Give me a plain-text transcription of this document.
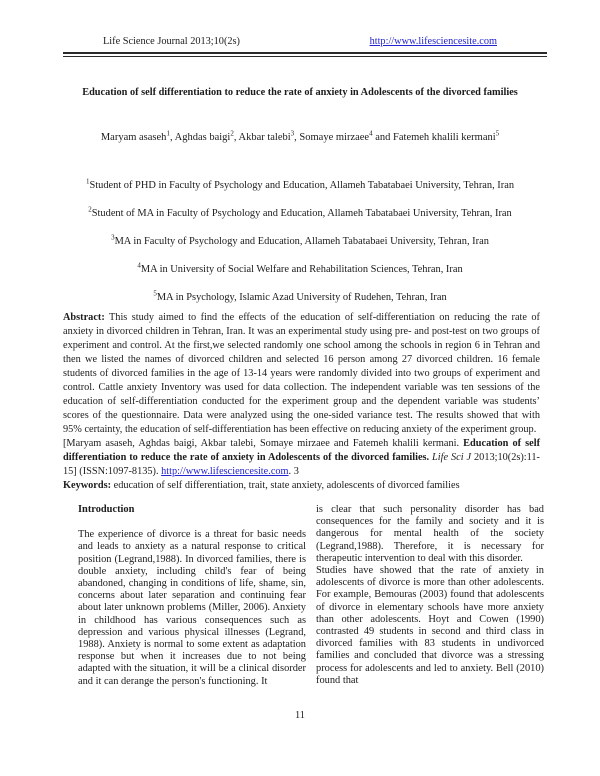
Life Science Journal 2013;10(2s)	http://www.lifesciencesite.com
Education of self differentiation to reduce the rate of anxiety in Adolescents of the divorced families

Maryam asaseh$^1$, Aghdas baigi$^2$, Akbar talebi$^3$, Somaye mirzaee$^4$ and Fatemeh khalili kermani$^5$

$^1$Student of PHD in Faculty of Psychology and Education, Allameh Tabatabaei University, Tehran, Iran

$^2$Student of MA in Faculty of Psychology and Education, Allameh Tabatabaei University, Tehran, Iran

$^3$MA in Faculty of Psychology and Education, Allameh Tabatabaei University, Tehran, Iran

$^4$MA in University of Social Welfare and Rehabilitation Sciences, Tehran, Iran

$^5$MA in Psychology, Islamic Azad University of Rudehen, Tehran, Iran

Abstract: This study aimed to find the effects of the education of self-differentiation on reducing the rate of anxiety in divorced children in Tehran, Iran. It was an experimental study using pre- and post-test on two groups of experiment and control. At the first,we selected randomly one school among the schools in region 6 in Tehran and then we listed the names of divorced children and selected 16 person among 27 divorced children. 16 female students of divorced families in the age of 13-14 years were randomly divided into two groups of experiment and control. Cattle anxiety Inventory was used for data collection. The independent variable was ten sessions of the education of self-differentiation conducted for the experiment group and the dependent variable was students’ scores of the questionnaire. Data were analyzed using the one-sided variance test. The results showed that with 95% certainty, the education of self-differentiation has been effective on reducing anxiety of the experiment group.

[Maryam asaseh, Aghdas baigi, Akbar talebi, Somaye mirzaee and Fatemeh khalili kermani. Education of self differentiation to reduce the rate of anxiety in Adolescents of the divorced families. Life Sci J 2013;10(2s):11-15] (ISSN:1097-8135). http://www.lifesciencesite.com. 3

Keywords: education of self differentiation, trait, state anxiety, adolescents of divorced families

Introduction

The experience of divorce is a threat for basic needs and leads to anxiety as a natural response to critical position (Legrand,1988). In divorced families, there is double anxiety, including child's fear of being abandoned, changing in conditions of life, shame, sin, concerns about later separation and continuing fear about later unknown problems (Miller, 2006). Anxiety in childhood has various consequences such as depression and various physical illnesses (Legrand, 1988). Anxiety is normal to some extent as adaptation response but when it increases due to not being adapted with the situation, it will be a clinical disorder and it can derange the person's functioning. It

is clear that such personality disorder has bad consequences for the family and society and it is dangerous for mental health of the society (Legrand,1988). Therefore, it is necessary for therapeutic intervention to deal with this disorder.

Studies have showed that the rate of anxiety in adolescents of divorce is more than other adolescents. For example, Bemouras (2003) found that adolescents of divorce in elementary schools have more anxiety than other adolescents. Hoyt and Cowen (1990) contrasted 49 students in second and third class in divorced families with 83 students in undivorced families and concluded that divorce was a stressing process for adolescents and led to anxiety. Bell (2010) found that

11
